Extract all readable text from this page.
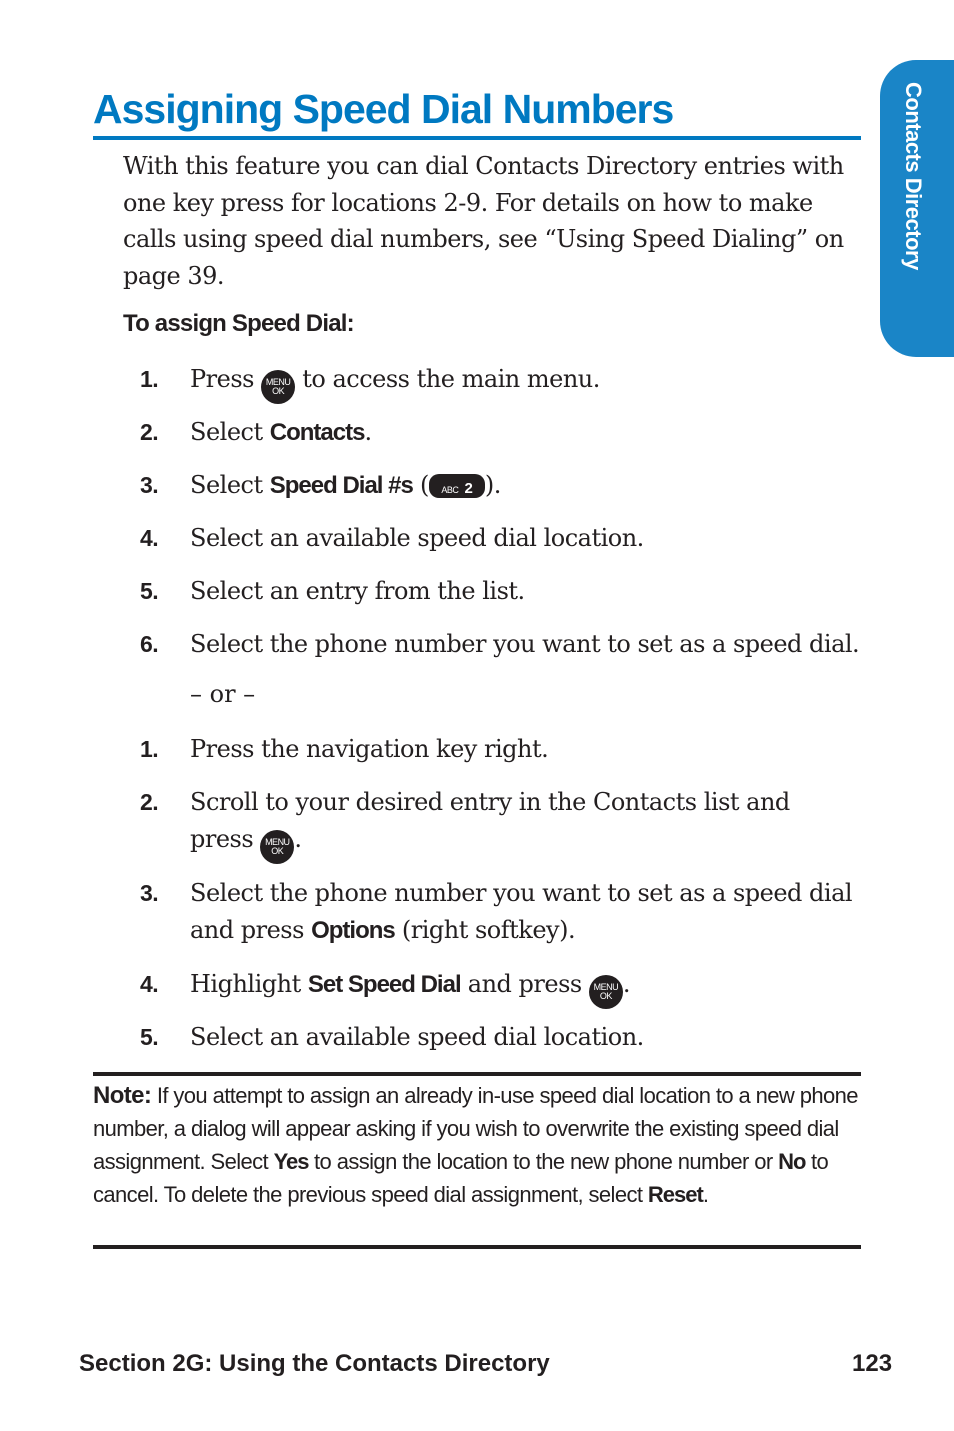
Contacts Directory
Assigning Speed Dial Numbers
With this feature you can dial Contacts Directory entries with one key press for locations 2-9. For details on how to make calls using speed dial numbers, see “Using Speed Dialing” on page 39.
To assign Speed Dial:
1.	Press	MENU
OK to access the main menu.
2.	Select Contacts.
3.	Select Speed Dial #s ( ABC 2 ).
4.	Select an available speed dial location.
5.	Select an entry from the list.
6.	Select the phone number you want to set as a speed dial.
– or –
1.	Press the navigation key right.
2.	Scroll to your desired entry in the Contacts list and press	MENU
OK .
3.	Select the phone number you want to set as a speed dial and press Options (right softkey).
4.	Highlight Set Speed Dial and press	MENU
OK .
5.	Select an available speed dial location.
Note: If you attempt to assign an already in-use speed dial location to a new phone number, a dialog will appear asking if you wish to overwrite the existing speed dial assignment. Select Yes to assign the location to the new phone number or No to cancel. To delete the previous speed dial assignment, select Reset.
Section 2G: Using the Contacts Directory	123
